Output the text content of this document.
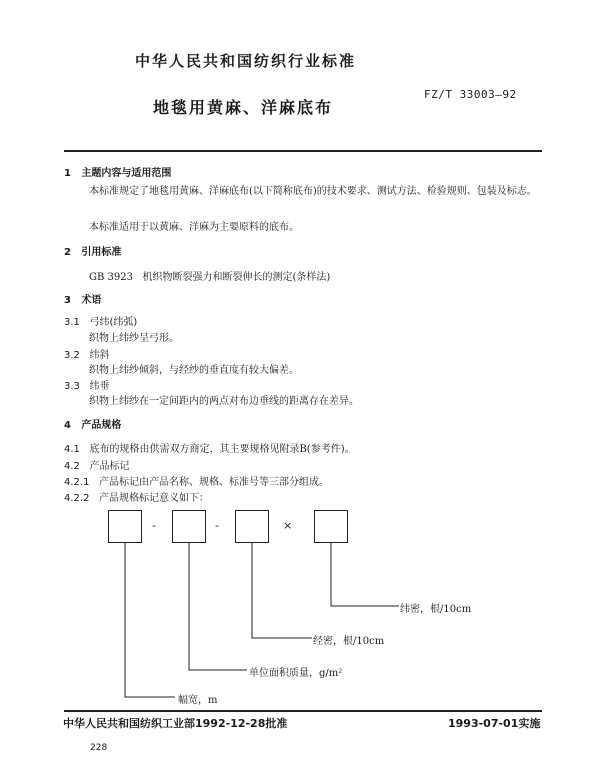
中华人民共和国纺织行业标准
FZ/T 33003—92
地毯用黄麻、洋麻底布
1 主题内容与适用范围
本标准规定了地毯用黄麻、洋麻底布(以下简称底布)的技术要求、测试方法、检验规则、包装及标志。
本标准适用于以黄麻、洋麻为主要原料的底布。
2 引用标准
GB 3923 机织物断裂强力和断裂伸长的测定(条样法)
3 术语
3.1 弓纬(纬弧)
织物上纬纱呈弓形。
3.2 纬斜
织物上纬纱倾斜，与经纱的垂直度有较大偏差。
3.3 纬垂
织物上纬纱在一定间距内的两点对布边垂线的距离存在差异。
4 产品规格
4.1 底布的规格由供需双方商定，其主要规格见附录B(参考件)。
4.2 产品标记
4.2.1 产品标记由产品名称、规格、标准号等三部分组成。
4.2.2 产品规格标记意义如下：
-	-	×
纬密，根/10cm
经密，根/10cm
单位面积质量，g/m²
幅宽，m
中华人民共和国纺织工业部1992-12-28批准	1993-07-01实施
228
